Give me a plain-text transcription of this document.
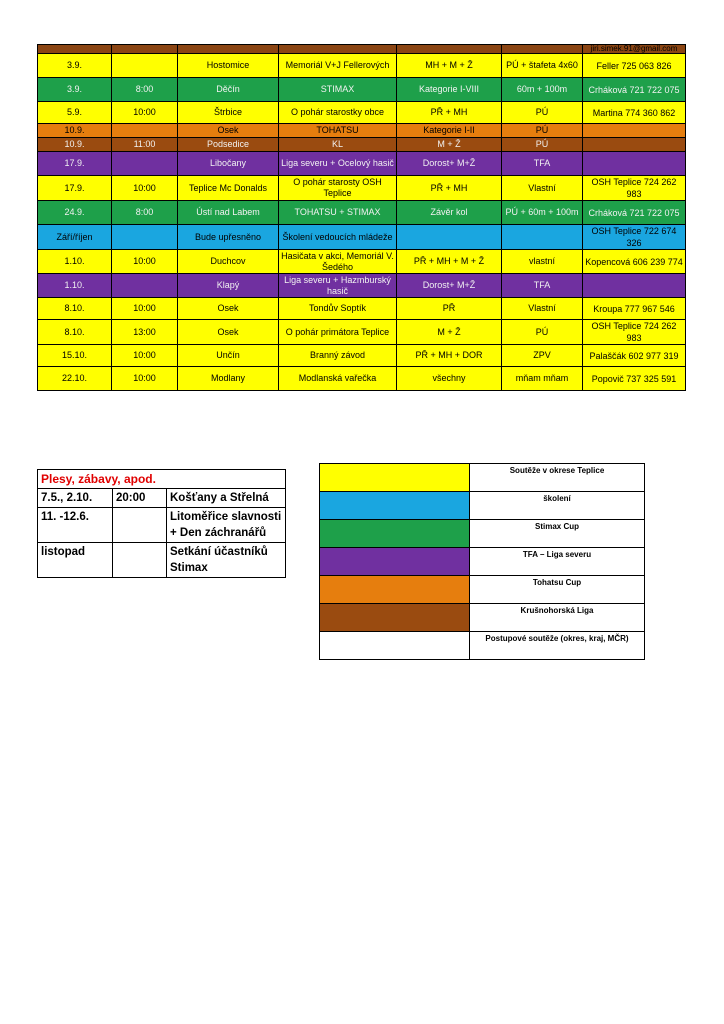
						jiri.simek.91@gmail.com
3.9.		Hostomice	Memoriál V+J Fellerových	MH + M + Ž	PÚ + štafeta 4x60	Feller 725 063 826
3.9.	8:00	Děčín	STIMAX	Kategorie I-VIII	60m + 100m	Crháková 721 722 075
5.9.	10:00	Štrbice	O pohár starostky obce	PŘ + MH	PÚ	Martina 774 360 862
10.9.		Osek	TOHATSU	Kategorie I-II	PÚ	
10.9.	11:00	Podsedice	KL	M + Ž	PÚ	
17.9.		Libočany	Liga severu + Ocelový hasič	Dorost+ M+Ž	TFA	
17.9.	10:00	Teplice Mc Donalds	O pohár starosty OSH Teplice	PŘ + MH	Vlastní	OSH Teplice 724 262 983
24.9.	8:00	Ústí nad Labem	TOHATSU + STIMAX	Závěr kol	PÚ + 60m + 100m	Crháková 721 722 075
Září/říjen		Bude upřesněno	Školení vedoucích mládeže			OSH Teplice 722 674 326
1.10.	10:00	Duchcov	Hasičata v akci, Memoriál V. Šedého	PŘ + MH + M + Ž	vlastní	Kopencová 606 239 774
1.10.		Klapý	Liga severu + Hazmburský hasič	Dorost+ M+Ž	TFA	
8.10.	10:00	Osek	Tondův Soptík	PŘ	Vlastní	Kroupa 777 967 546
8.10.	13:00	Osek	O pohár primátora Teplice	M + Ž	PÚ	OSH Teplice 724 262 983
15.10.	10:00	Unčín	Branný závod	PŘ + MH + DOR	ZPV	Palaščák 602 977 319
22.10.	10:00	Modlany	Modlanská vařečka	všechny	mňam mňam	Popovič 737 325 591
Plesy, zábavy, apod.		
7.5., 2.10.	20:00	Košťany a Střelná
11. -12.6.		Litoměřice slavnosti + Den záchranářů
listopad		Setkání účastníků Stimax
	Soutěže v okrese Teplice
	školení
	Stimax Cup
	TFA – Liga severu
	Tohatsu Cup
	Krušnohorská Liga
	Postupové soutěže (okres, kraj, MČR)
